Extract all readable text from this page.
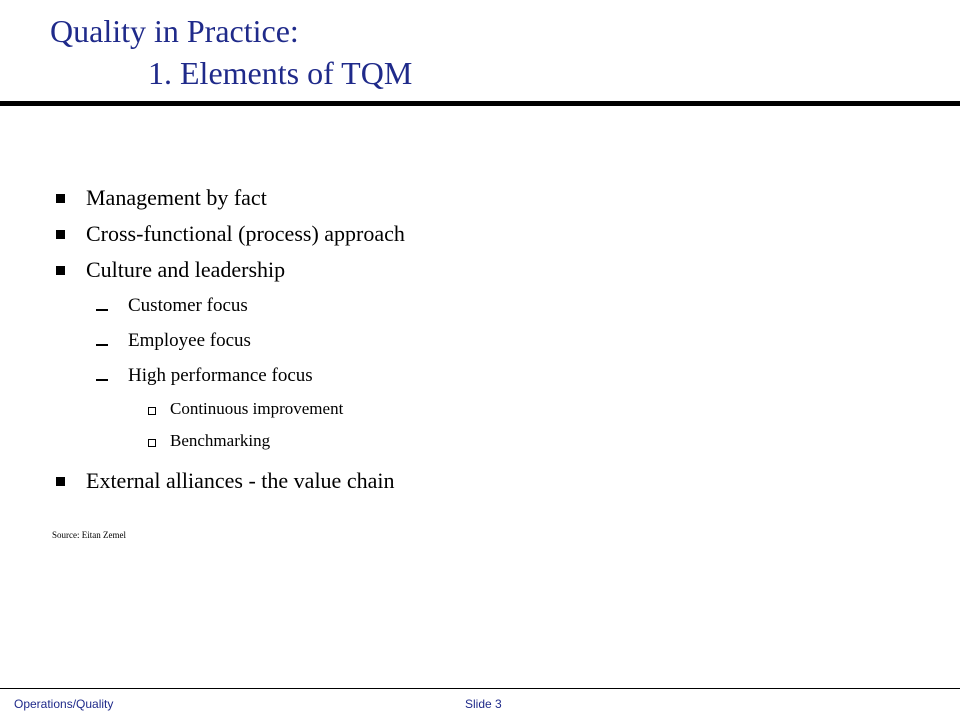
Quality in Practice:
1. Elements of TQM
Management by fact
Cross-functional (process) approach
Culture and leadership
Customer focus
Employee focus
High performance focus
Continuous improvement
Benchmarking
External alliances - the value chain
Source: Eitan Zemel
Operations/Quality	Slide 3
